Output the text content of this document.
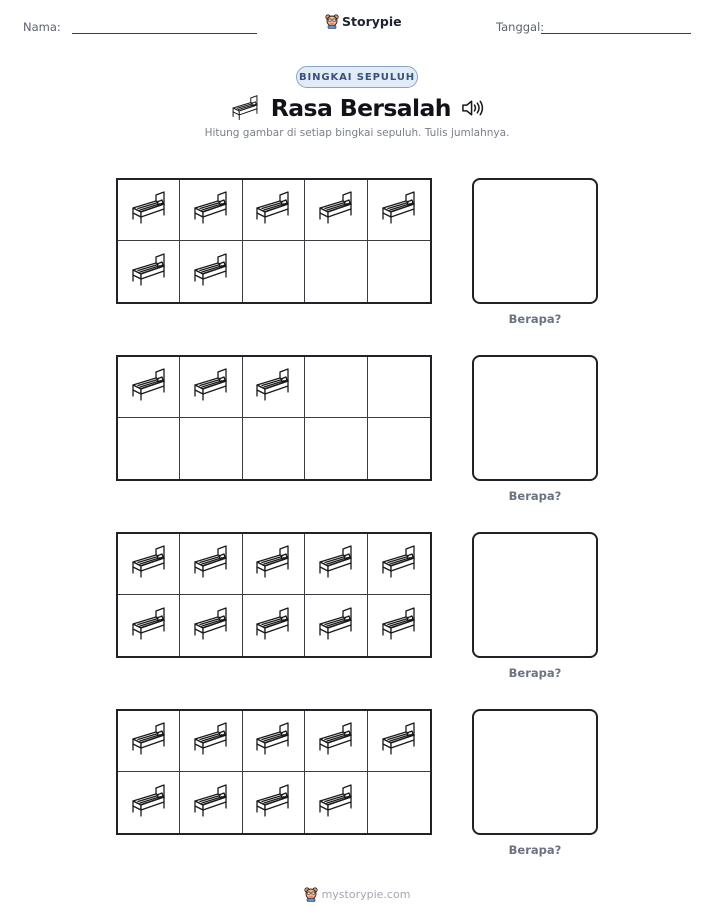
Nama:	Storypie	Tanggal:
BINGKAI SEPULUH
Rasa Bersalah
Hitung gambar di setiap bingkai sepuluh. Tulis jumlahnya.
Berapa?
Berapa?
Berapa?
Berapa?
mystorypie.com
